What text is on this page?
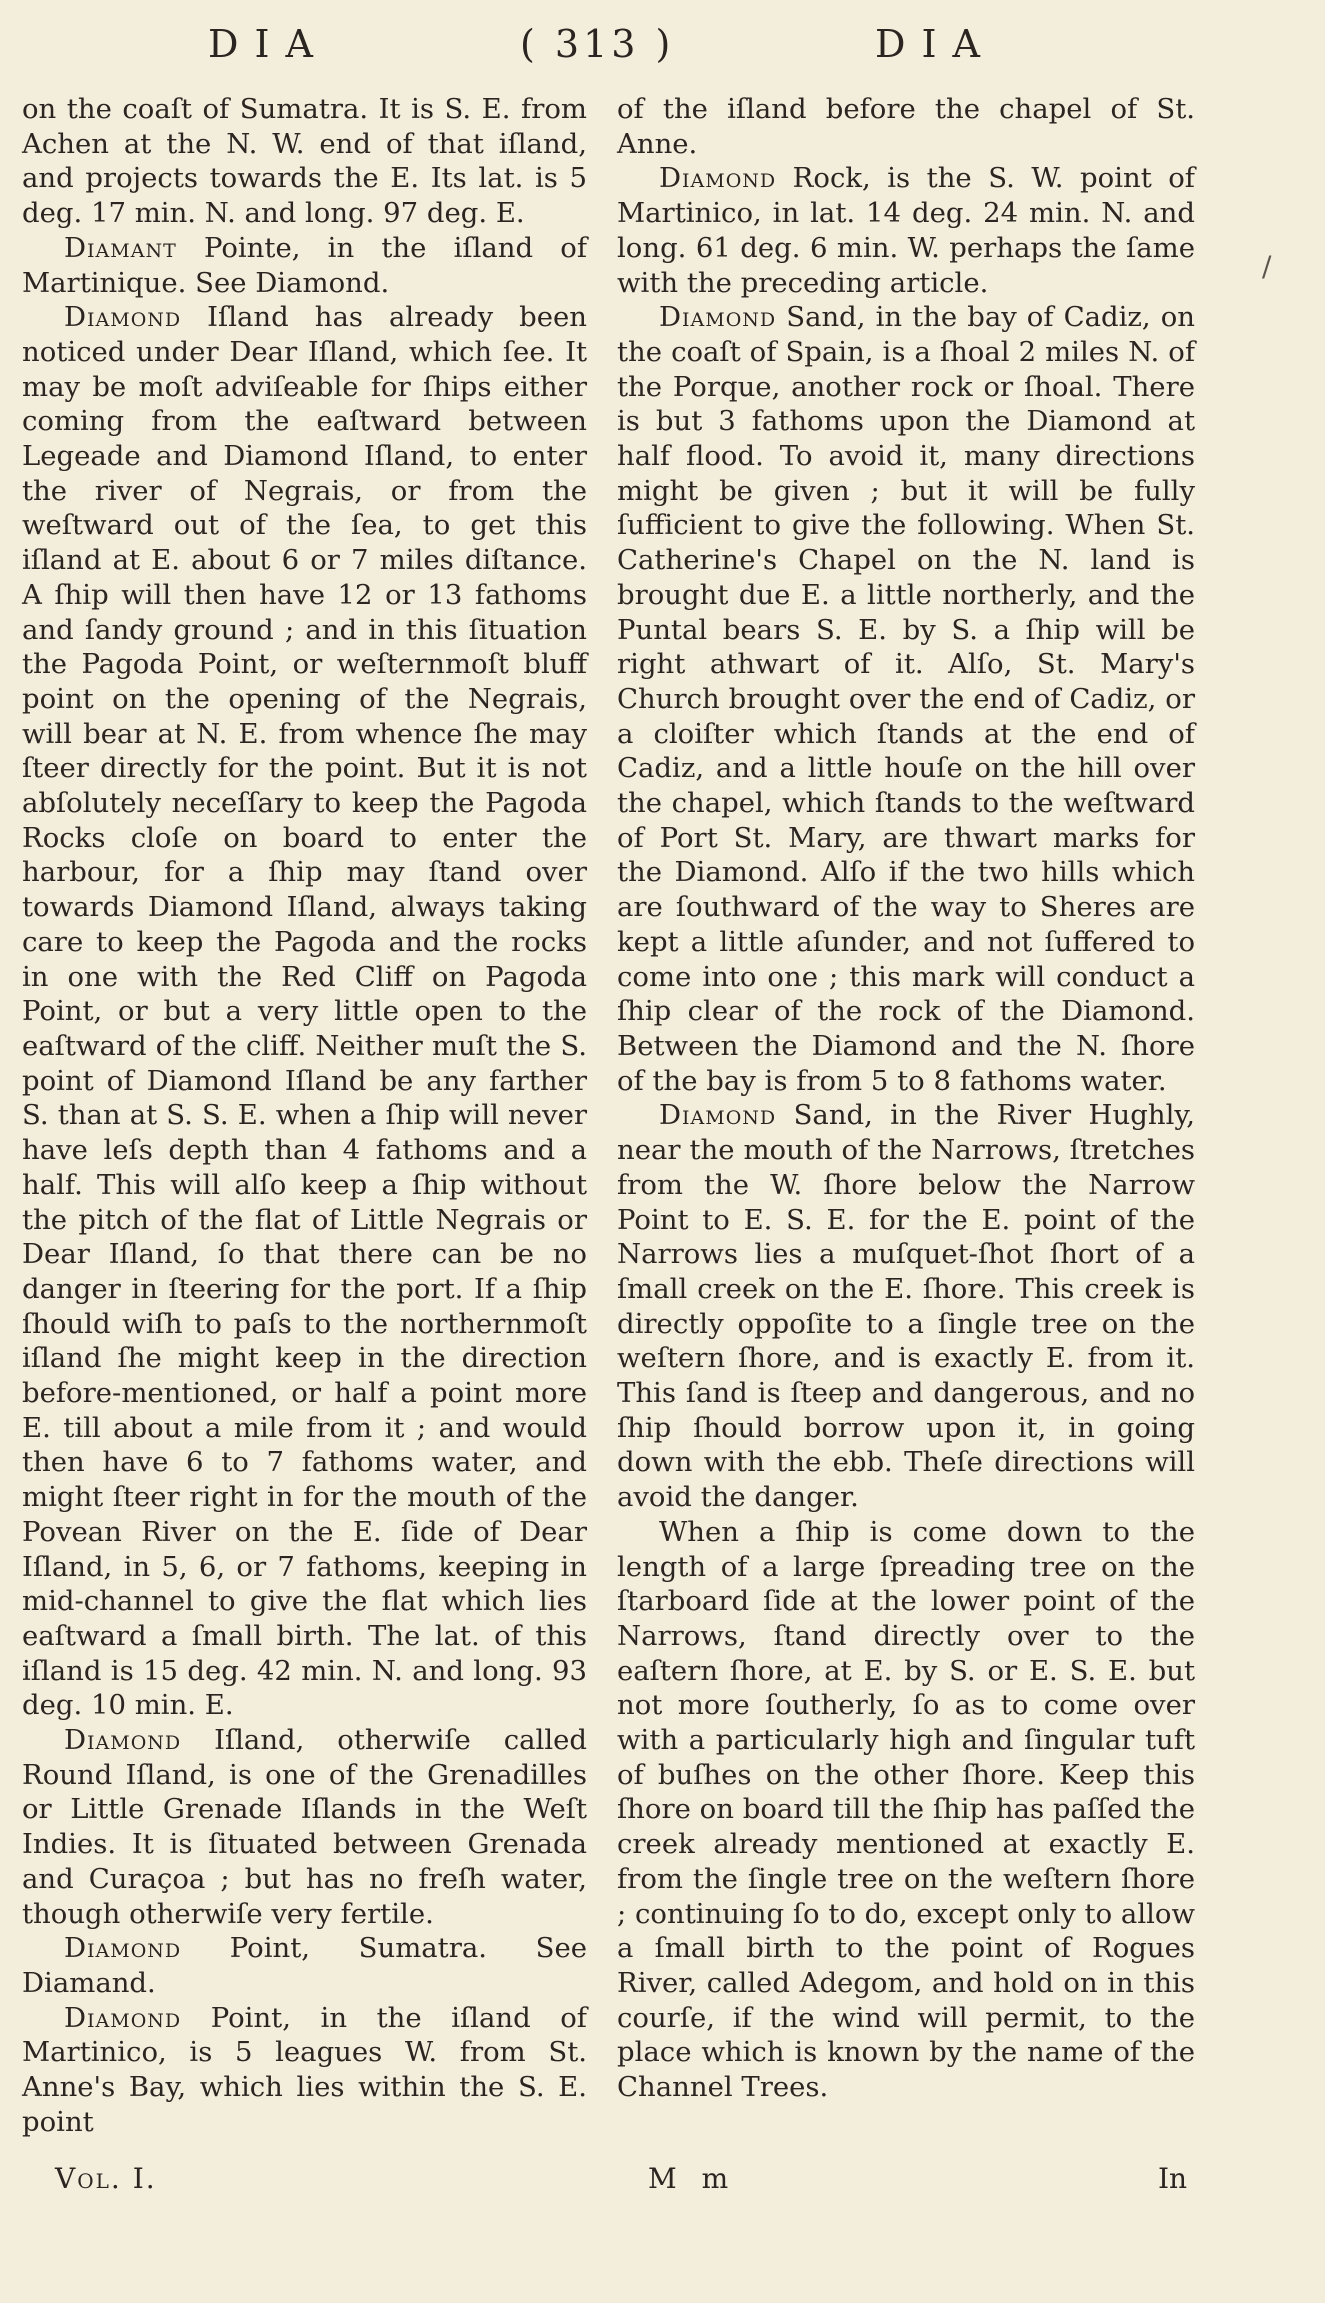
DIA	( 313 )	DIA

on the coaſt of Sumatra. It is S. E. from Achen at the N. W. end of that iſland, and projects towards the E. Its lat. is 5 deg. 17 min. N. and long. 97 deg. E.

Diamant Pointe, in the iſland of Martinique. See Diamond.

Diamond Iſland has already been noticed under Dear Iſland, which ſee. It may be moſt adviſeable for ſhips either coming from the eaſtward between Legeade and Diamond Iſland, to enter the river of Negrais, or from the weſtward out of the ſea, to get this iſland at E. about 6 or 7 miles diſtance. A ſhip will then have 12 or 13 fathoms and ſandy ground ; and in this ſituation the Pagoda Point, or weſternmoſt bluff point on the opening of the Negrais, will bear at N. E. from whence ſhe may ſteer directly for the point. But it is not abſolutely neceſſary to keep the Pagoda Rocks cloſe on board to enter the harbour, for a ſhip may ſtand over towards Diamond Iſland, always taking care to keep the Pagoda and the rocks in one with the Red Cliff on Pagoda Point, or but a very little open to the eaſtward of the cliff. Neither muſt the S. point of Diamond Iſland be any farther S. than at S. S. E. when a ſhip will never have leſs depth than 4 fathoms and a half. This will alſo keep a ſhip without the pitch of the flat of Little Negrais or Dear Iſland, ſo that there can be no danger in ſteering for the port. If a ſhip ſhould wiſh to paſs to the northernmoſt iſland ſhe might keep in the direction before-mentioned, or half a point more E. till about a mile from it ; and would then have 6 to 7 fathoms water, and might ſteer right in for the mouth of the Povean River on the E. ſide of Dear Iſland, in 5, 6, or 7 fathoms, keeping in mid-channel to give the flat which lies eaſtward a ſmall birth. The lat. of this iſland is 15 deg. 42 min. N. and long. 93 deg. 10 min. E.

Diamond Iſland, otherwiſe called Round Iſland, is one of the Grenadilles or Little Grenade Iſlands in the Weſt Indies. It is ſituated between Grenada and Curaçoa ; but has no freſh water, though otherwiſe very fertile.

Diamond Point, Sumatra. See Diamand.

Diamond Point, in the iſland of Martinico, is 5 leagues W. from St. Anne's Bay, which lies within the S. E. point

of the iſland before the chapel of St. Anne.

Diamond Rock, is the S. W. point of Martinico, in lat. 14 deg. 24 min. N. and long. 61 deg. 6 min. W. perhaps the ſame with the preceding article.

Diamond Sand, in the bay of Cadiz, on the coaſt of Spain, is a ſhoal 2 miles N. of the Porque, another rock or ſhoal. There is but 3 fathoms upon the Diamond at half flood. To avoid it, many directions might be given ; but it will be fully ſufficient to give the following. When St. Catherine's Chapel on the N. land is brought due E. a little northerly, and the Puntal bears S. E. by S. a ſhip will be right athwart of it. Alſo, St. Mary's Church brought over the end of Cadiz, or a cloiſter which ſtands at the end of Cadiz, and a little houſe on the hill over the chapel, which ſtands to the weſtward of Port St. Mary, are thwart marks for the Diamond. Alſo if the two hills which are ſouthward of the way to Sheres are kept a little aſunder, and not ſuffered to come into one ; this mark will conduct a ſhip clear of the rock of the Diamond. Between the Diamond and the N. ſhore of the bay is from 5 to 8 fathoms water.

Diamond Sand, in the River Hughly, near the mouth of the Narrows, ſtretches from the W. ſhore below the Narrow Point to E. S. E. for the E. point of the Narrows lies a muſquet-ſhot ſhort of a ſmall creek on the E. ſhore. This creek is directly oppoſite to a ſingle tree on the weſtern ſhore, and is exactly E. from it. This ſand is ſteep and dangerous, and no ſhip ſhould borrow upon it, in going down with the ebb. Theſe directions will avoid the danger.

When a ſhip is come down to the length of a large ſpreading tree on the ſtarboard ſide at the lower point of the Narrows, ſtand directly over to the eaſtern ſhore, at E. by S. or E. S. E. but not more ſoutherly, ſo as to come over with a particularly high and ſingular tuft of buſhes on the other ſhore. Keep this ſhore on board till the ſhip has paſſed the creek already mentioned at exactly E. from the ſingle tree on the weſtern ſhore ; continuing ſo to do, except only to allow a ſmall birth to the point of Rogues River, called Adegom, and hold on in this courſe, if the wind will permit, to the place which is known by the name of the Channel Trees.

/
Vol. I.	M m	In
